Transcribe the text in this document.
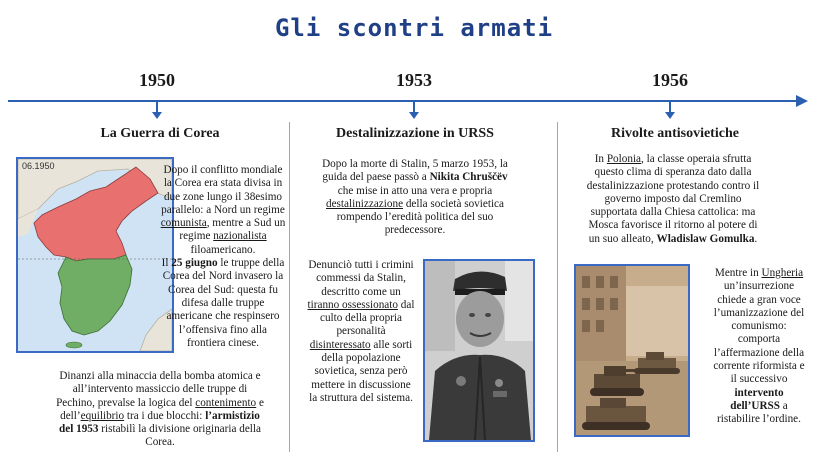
Gli scontri armati
1950	1953	1956
La Guerra di Corea
06.1950	Dopo il conflitto mondiale la Corea era stata divisa in due zone lungo il 38esimo parallelo: a Nord un regime comunista, mentre a Sud un regime nazionalista filoamericano.
Il 25 giugno le truppe della Corea del Nord invasero la Corea del Sud: questa fu difesa dalle truppe americane che respinsero l’offensiva fino alla frontiera cinese.
Dinanzi alla minaccia della bomba atomica e all’intervento massiccio delle truppe di Pechino, prevalse la logica del contenimento e dell’equilibrio tra i due blocchi: l’armistizio del 1953 ristabilì la divisione originaria della Corea.
Destalinizzazione in URSS
Dopo la morte di Stalin, 5 marzo 1953, la guida del paese passò a Nikita Chruščëv che mise in atto una vera e propria destalinizzazione della società sovietica rompendo l’eredità politica del suo predecessore.
Denunciò tutti i crimini commessi da Stalin, descritto come un tiranno ossessionato dal culto della propria personalità disinteressato alle sorti della popolazione sovietica, senza però mettere in discussione la struttura del sistema.
Rivolte antisovietiche
In Polonia, la classe operaia sfrutta questo clima di speranza dato dalla destalinizzazione protestando contro il governo imposto dal Cremlino supportata dalla Chiesa cattolica: ma Mosca favorisce il ritorno al potere di un suo alleato, Wladislaw Gomulka.
Mentre in Ungheria un’insurrezione chiede a gran voce l’umanizzazione del comunismo: comporta l’affermazione della corrente riformista e il successivo intervento dell’URSS a ristabilire l’ordine.
